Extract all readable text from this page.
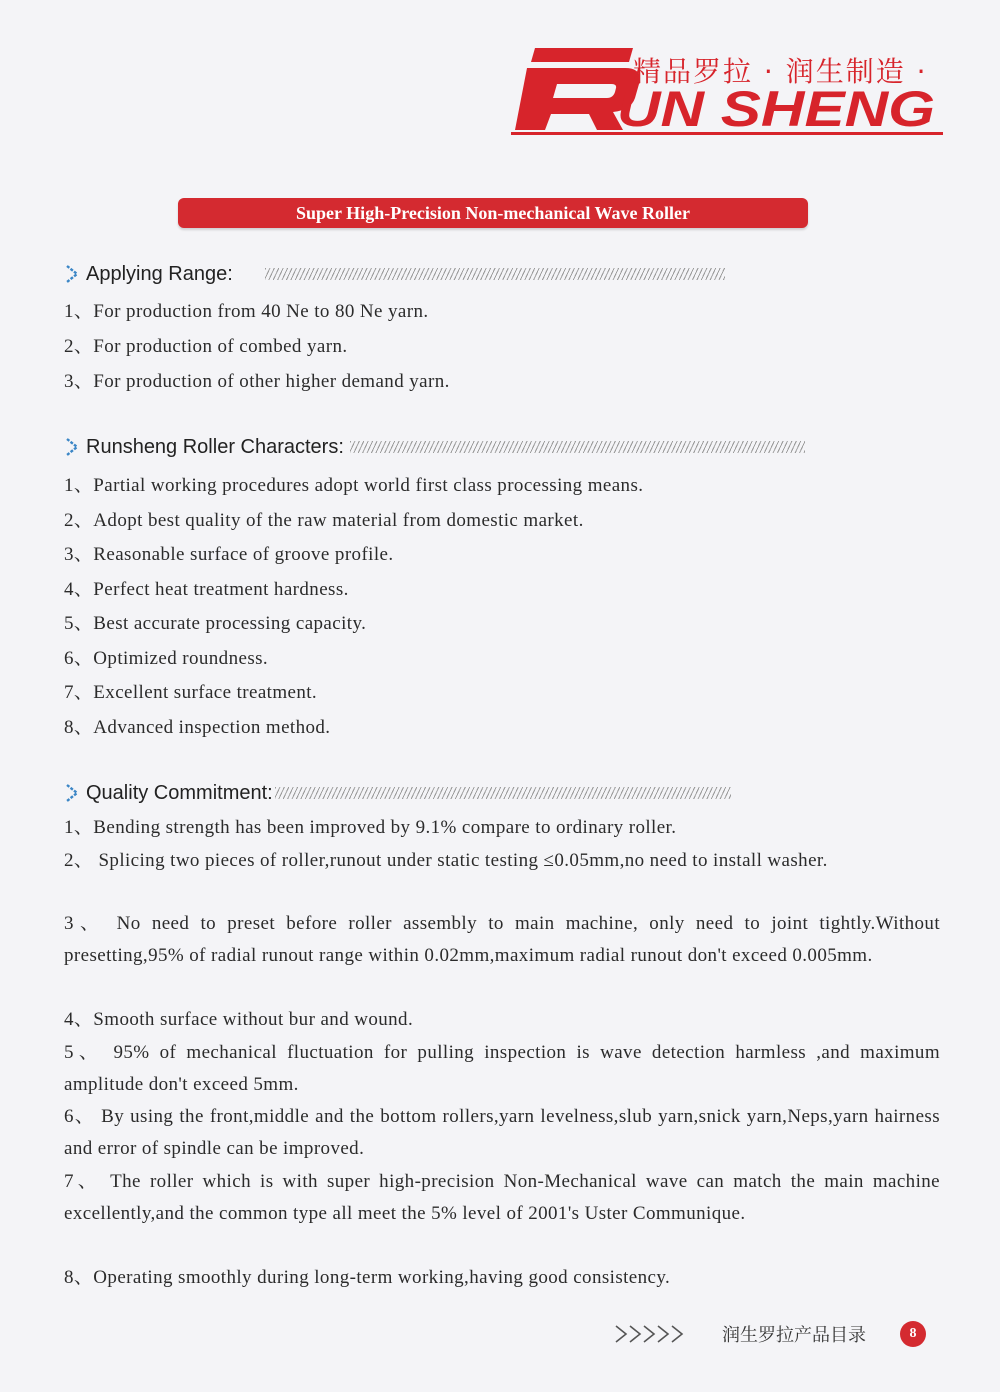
精品罗拉 · 润生制造 ·
UN SHENG
Super High-Precision Non-mechanical Wave Roller
Applying Range:
1、For production from 40 Ne to 80 Ne yarn.
2、For production of combed yarn.
3、For production of other higher demand yarn.
Runsheng Roller Characters:
1、Partial working procedures adopt world first class processing means.
2、Adopt best quality of the raw material from domestic market.
3、Reasonable surface of groove profile.
4、Perfect heat treatment hardness.
5、Best accurate processing capacity.
6、Optimized roundness.
7、Excellent surface treatment.
8、Advanced inspection method.
Quality Commitment:
1、Bending strength has been improved by 9.1% compare to ordinary roller.
2、 Splicing two pieces of roller,runout under static testing ≤0.05mm,no need to install washer.
3、 No need to preset before roller assembly to main machine, only need to joint tightly.Without presetting,95% of radial runout range within 0.02mm,maximum radial runout don't exceed 0.005mm.
4、Smooth surface without bur and wound.
5、 95% of mechanical fluctuation for pulling inspection is wave detection harmless ,and maximum amplitude don't exceed 5mm.
6、 By using the front,middle and the bottom rollers,yarn levelness,slub yarn,snick yarn,Neps,yarn hairness and error of spindle can be improved.
7、 The roller which is with super high-precision Non-Mechanical wave can match the main machine excellently,and the common type all meet the 5% level of 2001's Uster Communique.
8、Operating smoothly during long-term working,having good consistency.
润生罗拉产品目录	8
